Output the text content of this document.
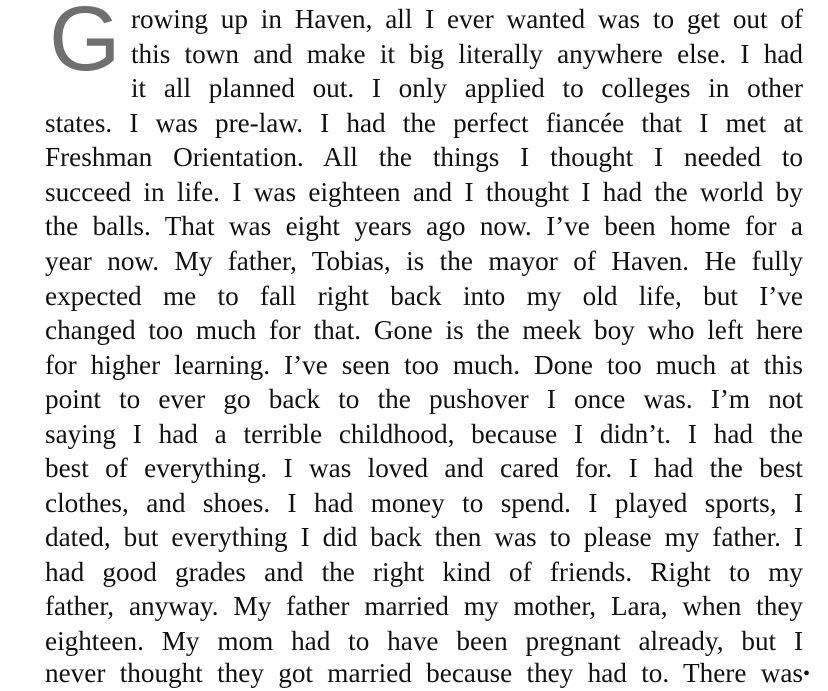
G rowing up in Haven, all I ever wanted was to get out of
this town and make it big literally anywhere else. I had
it all planned out. I only applied to colleges in other
states. I was pre-law. I had the perfect fiancée that I met at
Freshman Orientation. All the things I thought I needed to
succeed in life. I was eighteen and I thought I had the world by
the balls. That was eight years ago now. I’ve been home for a
year now. My father, Tobias, is the mayor of Haven. He fully
expected me to fall right back into my old life, but I’ve
changed too much for that. Gone is the meek boy who left here
for higher learning. I’ve seen too much. Done too much at this
point to ever go back to the pushover I once was. I’m not
saying I had a terrible childhood, because I didn’t. I had the
best of everything. I was loved and cared for. I had the best
clothes, and shoes. I had money to spend. I played sports, I
dated, but everything I did back then was to please my father. I
had good grades and the right kind of friends. Right to my
father, anyway. My father married my mother, Lara, when they
eighteen. My mom had to have been pregnant already, but I
never thought they got married because they had to. There was •
